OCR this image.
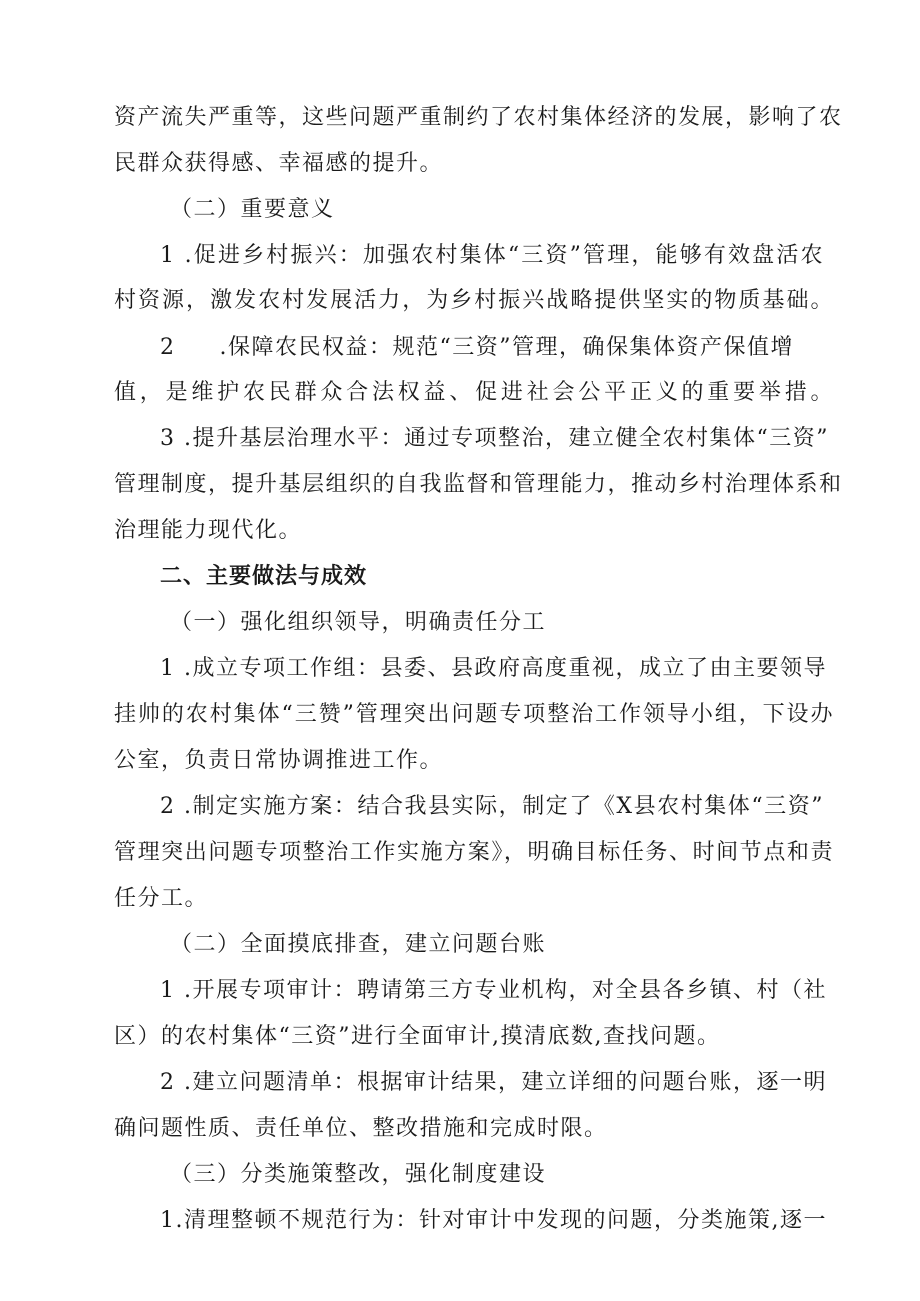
资产流失严重等，这些问题严重制约了农村集体经济的发展，影响了农
民群众获得感、幸福感的提升。
（二）重要意义
1 .促进乡村振兴：加强农村集体“三资”管理，能够有效盘活农
村资源，激发农村发展活力，为乡村振兴战略提供坚实的物质基础。
2 .保障农民权益：规范“三资”管理，确保集体资产保值增
值，是维护农民群众合法权益、促进社会公平正义的重要举措。
3 .提升基层治理水平：通过专项整治，建立健全农村集体“三资”
管理制度，提升基层组织的自我监督和管理能力，推动乡村治理体系和
治理能力现代化。
二、主要做法与成效
（一）强化组织领导，明确责任分工
1 .成立专项工作组：县委、县政府高度重视，成立了由主要领导
挂帅的农村集体“三赞”管理突出问题专项整治工作领导小组，下设办
公室，负责日常协调推进工作。
2 .制定实施方案：结合我县实际，制定了《X县农村集体“三资”
管理突出问题专项整治工作实施方案》，明确目标任务、时间节点和责
任分工。
（二）全面摸底排查，建立问题台账
1 .开展专项审计：聘请第三方专业机构，对全县各乡镇、村（社
区）的农村集体“三资”进行全面审计,摸清底数,查找问题。
2 .建立问题清单：根据审计结果，建立详细的问题台账，逐一明
确问题性质、责任单位、整改措施和完成时限。
（三）分类施策整改，强化制度建设
1.清理整顿不规范行为：针对审计中发现的问题，分类施策,逐一
